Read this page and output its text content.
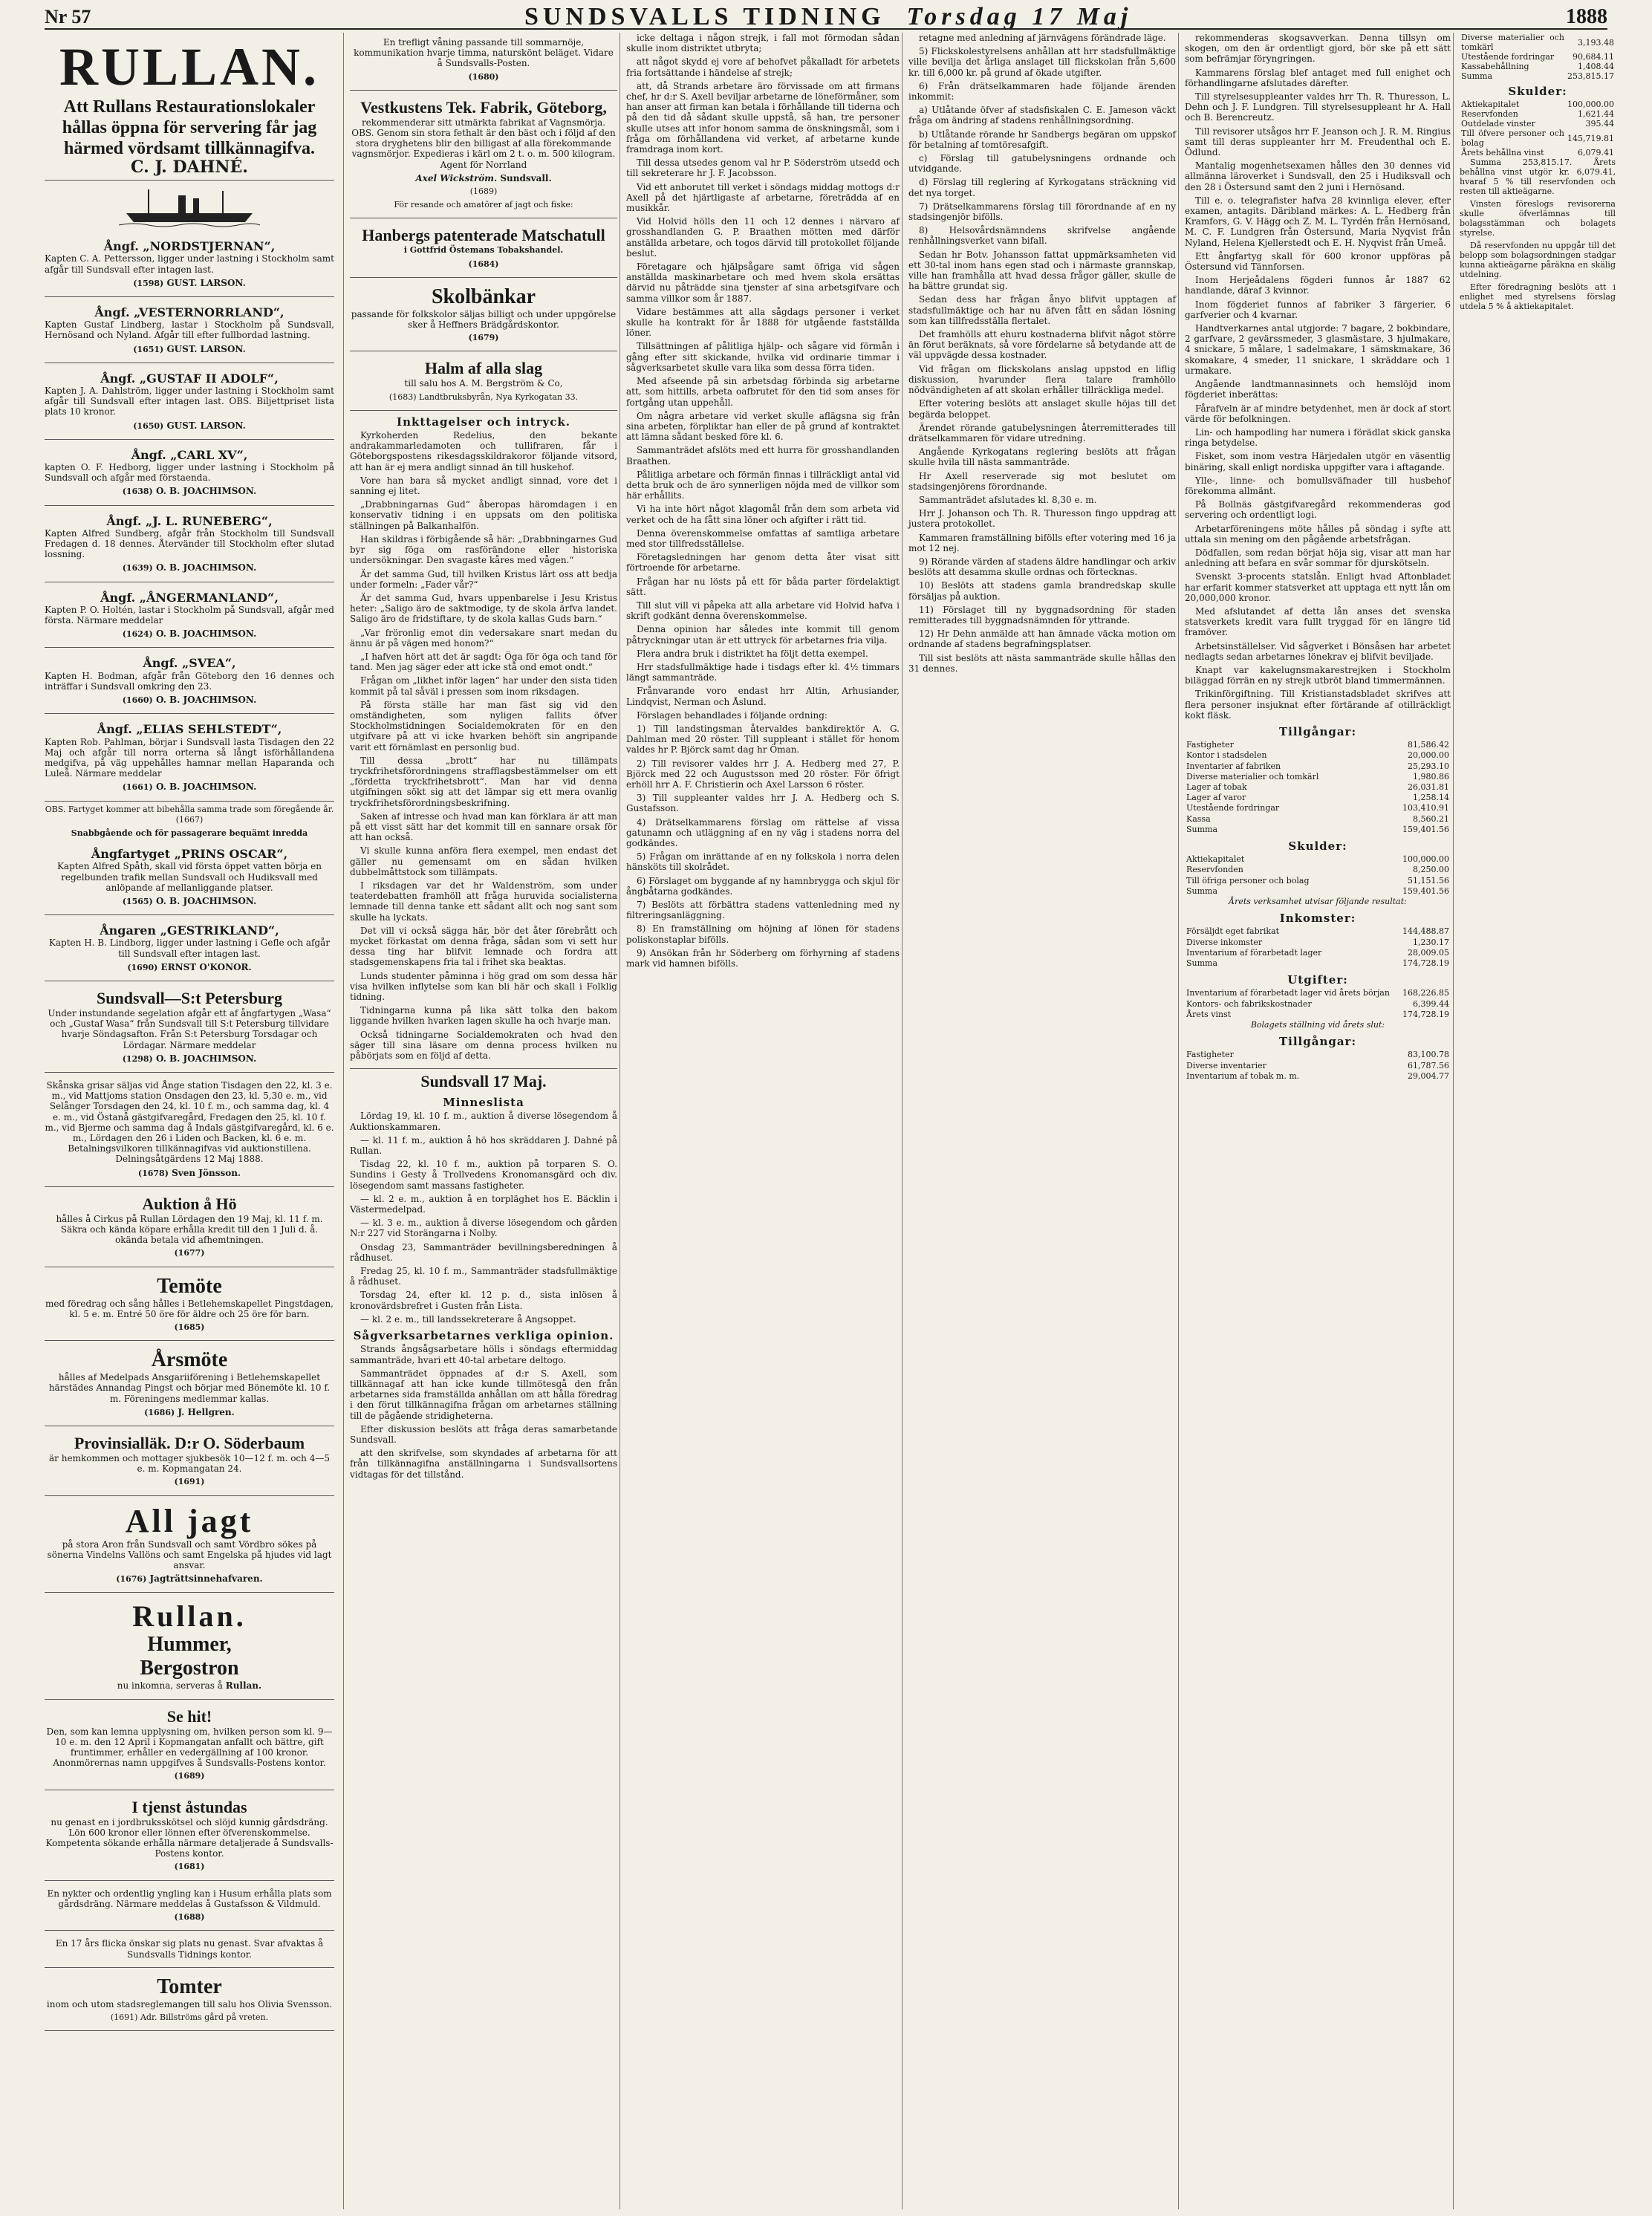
Nr 57	SUNDSVALLS TIDNING Torsdag 17 Maj	1888
RULLAN.

Att Rullans Restaurationslokaler hållas öppna för servering får jag härmed vördsamt tillkännagifva.

C. J. DAHNÉ.

Ångf. „NORDSTJERNAN“,

Kapten C. A. Pettersson, ligger under lastning i Stockholm samt afgår till Sundsvall efter intagen last.

(1598) GUST. LARSON.

Ångf. „VESTERNORRLAND“,

Kapten Gustaf Lindberg, lastar i Stockholm på Sundsvall, Hernösand och Nyland. Afgår till efter fullbordad lastning.

(1651) GUST. LARSON.

Ångf. „GUSTAF II ADOLF“,

Kapten J. A. Dahlström, ligger under lastning i Stockholm samt afgår till Sundsvall efter intagen last. OBS. Biljettpriset lista plats 10 kronor.

(1650) GUST. LARSON.

Ångf. „CARL XV“,

kapten O. F. Hedborg, ligger under lastning i Stockholm på Sundsvall och afgår med förstaenda.

(1638) O. B. JOACHIMSON.

Ångf. „J. L. RUNEBERG“,

Kapten Alfred Sundberg, afgår från Stockholm till Sundsvall Fredagen d. 18 dennes. Återvänder till Stockholm efter slutad lossning.

(1639) O. B. JOACHIMSON.

Ångf. „ÅNGERMANLAND“,

Kapten P. O. Holtén, lastar i Stockholm på Sundsvall, afgår med första. Närmare meddelar

(1624) O. B. JOACHIMSON.

Ångf. „SVEA“,

Kapten H. Bodman, afgår från Göteborg den 16 dennes och inträffar i Sundsvall omkring den 23.

(1660) O. B. JOACHIMSON.

Ångf. „ELIAS SEHLSTEDT“,

Kapten Rob. Pahlman, börjar i Sundsvall lasta Tisdagen den 22 Maj och afgår till norra orterna så långt isförhållandena medgifva, på väg uppehålles hamnar mellan Haparanda och Luleå. Närmare meddelar

(1661) O. B. JOACHIMSON.

OBS. Fartyget kommer att bibehålla samma trade som föregående år. (1667)

Snabbgående och för passagerare bequämt inredda

Ångfartyget „PRINS OSCAR“,

Kapten Alfred Spåth, skall vid första öppet vatten börja en regelbunden trafik mellan Sundsvall och Hudiksvall med anlöpande af mellanliggande platser.

(1565) O. B. JOACHIMSON.

Ångaren „GESTRIKLAND“,

Kapten H. B. Lindborg, ligger under lastning i Gefle och afgår till Sundsvall efter intagen last.

(1690) ERNST O'KONOR.

Sundsvall—S:t Petersburg

Under instundande segelation afgår ett af ångfartygen „Wasa“ och „Gustaf Wasa“ från Sundsvall till S:t Petersburg tillvidare hvarje Söndagsafton. Från S:t Petersburg Torsdagar och Lördagar. Närmare meddelar

(1298) O. B. JOACHIMSON.

Skånska grisar säljas vid Ånge station Tisdagen den 22, kl. 3 e. m., vid Mattjoms station Onsdagen den 23, kl. 5,30 e. m., vid Selånger Torsdagen den 24, kl. 10 f. m., och samma dag, kl. 4 e. m., vid Östanå gästgifvaregård, Fredagen den 25, kl. 10 f. m., vid Bjerme och samma dag å Indals gästgifvaregård, kl. 6 e. m., Lördagen den 26 i Liden och Backen, kl. 6 e. m. Betalningsvilkoren tillkännagifvas vid auktionstillena. Delningsåtgärdens 12 Maj 1888.

(1678) Sven Jönsson.

Auktion å Hö

hålles å Cirkus på Rullan Lördagen den 19 Maj, kl. 11 f. m. Säkra och kända köpare erhålla kredit till den 1 Juli d. å. okända betala vid afhemtningen.

(1677)

Temöte

med föredrag och sång hålles i Betlehemskapellet Pingstdagen, kl. 5 e. m. Entré 50 öre för äldre och 25 öre för barn.

(1685)

Årsmöte

hålles af Medelpads Ansgariiförening i Betlehemskapellet härstädes Annandag Pingst och börjar med Bönemöte kl. 10 f. m. Föreningens medlemmar kallas.

(1686) J. Hellgren.

Provinsialläk. D:r O. Söderbaum

är hemkommen och mottager sjukbesök 10—12 f. m. och 4—5 e. m. Kopmangatan 24.

(1691)

All jagt

på stora Aron från Sundsvall och samt Vördbro sökes på sönerna Vindelns Vallöns och samt Engelska på hjudes vid lagt ansvar.

(1676) Jagträttsinnehafvaren.

Rullan.
Hummer,
Bergostron

nu inkomna, serveras å Rullan.

Se hit!

Den, som kan lemna upplysning om, hvilken person som kl. 9—10 e. m. den 12 April i Kopmangatan anfallt och bättre, gift fruntimmer, erhåller en vedergällning af 100 kronor. Anonmörernas namn uppgifves å Sundsvalls-Postens kontor.

(1689)

I tjenst åstundas

nu genast en i jordbruksskötsel och slöjd kunnig gårdsdräng. Lön 600 kronor eller lönnen efter öfverenskommelse. Kompetenta sökande erhålla närmare detaljerade å Sundsvalls-Postens kontor.

(1681)

En nykter och ordentlig yngling kan i Husum erhålla plats som gårdsdräng. Närmare meddelas å Gustafsson & Vildmuld.

(1688)

En 17 års flicka önskar sig plats nu genast. Svar afvaktas å Sundsvalls Tidnings kontor.

Tomter

inom och utom stadsreglemangen till salu hos Olivia Svensson.

(1691) Adr. Billströms gård på vreten.

En trefligt våning passande till sommarnöje, kommunikation hvarje timma, naturskönt beläget. Vidare å Sundsvalls-Posten.

(1680)

Vestkustens Tek. Fabrik, Göteborg,

rekommenderar sitt utmärkta fabrikat af Vagnsmörja. OBS. Genom sin stora fethalt är den bäst och i följd af den stora dryghetens blir den billigast af alla förekommande vagnsmörjor. Expedieras i kärl om 2 t. o. m. 500 kilogram. Agent för Norrland

Axel Wickström. Sundsvall.

(1689)

För resande och amatörer af jagt och fiske:

Hanbergs patenterade Matschatull

i Gottfrid Östemans Tobakshandel.

(1684)

Skolbänkar

passande för folkskolor säljas billigt och under uppgörelse sker å Heffners Brädgårdskontor.

(1679)

Halm af alla slag

till salu hos A. M. Bergström & Co,

(1683) Landtbruksbyrån, Nya Kyrkogatan 33.

Inkttagelser och intryck.

Kyrkoherden Redelius, den bekante andrakammarledamoten och tullifraren, får i Göteborgspostens rikesdagsskildrakoror följande vitsord, att han är ej mera andligt sinnad än till huskehof.

Vore han bara så mycket andligt sinnad, vore det i sanning ej litet.

„Drabbningarnas Gud“ åberopas häromdagen i en konservativ tidning i en uppsats om den politiska ställningen på Balkanhalfön.

Han skildras i förbigående så här: „Drabbningarnes Gud byr sig föga om rasförändone eller historiska undersökningar. Den svagaste kåres med vågen.“

Är det samma Gud, till hvilken Kristus lärt oss att bedja under formeln: „Fader vår?“

Är det samma Gud, hvars uppenbarelse i Jesu Kristus heter: „Saligo äro de saktmodige, ty de skola ärfva landet. Saligo äro de fridstiftare, ty de skola kallas Guds barn.“

„Var fröronlig emot din vedersakare snart medan du ännu är på vägen med honom?“

„I hafven hört att det är sagdt: Öga för öga och tand för tand. Men jag säger eder att icke stå ond emot ondt.“

Frågan om „likhet inför lagen“ har under den sista tiden kommit på tal såväl i pressen som inom riksdagen.

På första ställe har man fäst sig vid den omständigheten, som nyligen fallits öfver Stockholmstidningen Socialdemokraten för en den utgifvare på att vi icke hvarken behöft sin angripande varit ett förnämlast en personlig bud.

Till dessa „brott“ har nu tillämpats tryckfrihetsförordningens strafflagsbestämmelser om ett „fördetta tryckfrihetsbrott“. Man har vid denna utgifningen sökt sig att det lämpar sig ett mera ovanlig tryckfrihetsförordningsbeskrifning.

Saken af intresse och hvad man kan förklara är att man på ett visst sätt har det kommit till en sannare orsak för att han också.

Vi skulle kunna anföra flera exempel, men endast det gäller nu gemensamt om en sådan hvilken dubbelmåttstock som tillämpats.

I riksdagen var det hr Waldenström, som under teaterdebatten framhöll att fråga huruvida socialisterna lemnade till denna tanke ett sådant allt och nog sant som skulle ha lyckats.

Det vill vi också sägga här, bör det åter förebrått och mycket förkastat om denna fråga, sådan som vi sett hur dessa ting har blifvit lemnade och fordra att stadsgemenskapens fria tal i frihet ska beaktas.

Lunds studenter påminna i hög grad om som dessa här visa hvilken inflytelse som kan bli här och skall i Folklig tidning.

Tidningarna kunna på lika sätt tolka den bakom liggande hvilken hvarken lagen skulle ha och hvarje man.

Också tidningarne Socialdemokraten och hvad den säger till sina läsare om denna process hvilken nu påbörjats som en följd af detta.

Sundsvall 17 Maj.
Minneslista

Lördag 19, kl. 10 f. m., auktion å diverse lösegendom å Auktionskammaren.

— kl. 11 f. m., auktion å hö hos skräddaren J. Dahné på Rullan.

Tisdag 22, kl. 10 f. m., auktion på torparen S. O. Sundins i Gesty å Trollvedens Kronomansgärd och div. lösegendom samt massans fastigheter.

— kl. 2 e. m., auktion å en torpläghet hos E. Bäcklin i Västermedelpad.

— kl. 3 e. m., auktion å diverse lösegendom och gården N:r 227 vid Storängarna i Nolby.

Onsdag 23, Sammanträder bevillningsberedningen å rådhuset.

Fredag 25, kl. 10 f. m., Sammanträder stadsfullmäktige å rådhuset.

Torsdag 24, efter kl. 12 p. d., sista inlösen å kronovärdsbrefret i Gusten från Lista.

— kl. 2 e. m., till landssekreterare å Angsoppet.

Sågverksarbetarnes verkliga opinion.

Strands ångsågsarbetare hölls i söndags eftermiddag sammanträde, hvari ett 40-tal arbetare deltogo.

Sammanträdet öppnades af d:r S. Axell, som tillkännagaf att han icke kunde tillmötesgå den från arbetarnes sida framställda anhållan om att hålla föredrag i den förut tillkännagifna frågan om arbetarnes ställning till de pågående stridigheterna.

Efter diskussion beslöts att fråga deras samarbetande Sundsvall.

att den skrifvelse, som skyndades af arbetarna för att från tillkännagifna anställningarna i Sundsvallsortens vidtagas för det tillstånd.

icke deltaga i någon strejk, i fall mot förmodan sådan skulle inom distriktet utbryta;

att något skydd ej vore af behofvet påkalladt för arbetets fria fortsättande i händelse af strejk;

att, då Strands arbetare äro förvissade om att firmans chef, hr d:r S. Axell beviljar arbetarne de löneförmåner, som han anser att firman kan betala i förhållande till tiderna och på den tid då sådant skulle uppstå, så han, tre personer skulle utses att infor honom samma de önskningsmål, som i fråga om förhållandena vid verket, af arbetarne kunde framdraga inom kort.

Till dessa utsedes genom val hr P. Söderström utsedd och till sekreterare hr J. F. Jacobsson.

Vid ett anborutet till verket i söndags middag mottogs d:r Axell på det hjärtligaste af arbetarne, företrädda af en musikkår.

Vid Holvid hölls den 11 och 12 dennes i närvaro af grosshandlanden G. P. Braathen mötten med därför anställda arbetare, och togos därvid till protokollet följande beslut.

Företagare och hjälpsågare samt öfriga vid sågen anställda maskinarbetare och med hvem skola ersättas därvid nu påträdde sina tjenster af sina arbetsgifvare och samma villkor som år 1887.

Vidare bestämmes att alla sågdags personer i verket skulle ha kontrakt för år 1888 för utgående fastställda löner.

Tillsättningen af pålitliga hjälp- och sågare vid förmån i gång efter sitt skickande, hvilka vid ordinarie timmar i sågverksarbetet skulle vara lika som dessa förra tiden.

Med afseende på sin arbetsdag förbinda sig arbetarne att, som hittills, arbeta oafbrutet för den tid som anses för fortgång utan uppehåll.

Om några arbetare vid verket skulle aflägsna sig från sina arbeten, förpliktar han eller de på grund af kontraktet att lämna sådant besked före kl. 6.

Sammanträdet afslöts med ett hurra för grosshandlanden Braathen.

Pålitliga arbetare och förmän finnas i tillräckligt antal vid detta bruk och de äro synnerligen nöjda med de villkor som här erhållits.

Vi ha inte hört något klagomål från dem som arbeta vid verket och de ha fått sina löner och afgifter i rätt tid.

Denna överenskommelse omfattas af samtliga arbetare med stor tillfredsställelse.

Företagsledningen har genom detta åter visat sitt förtroende för arbetarne.

Frågan har nu lösts på ett för båda parter fördelaktigt sätt.

Till slut vill vi påpeka att alla arbetare vid Holvid hafva i skrift godkänt denna överenskommelse.

Denna opinion har således inte kommit till genom påtryckningar utan är ett uttryck för arbetarnes fria vilja.

Flera andra bruk i distriktet ha följt detta exempel.

Hrr stadsfullmäktige hade i tisdags efter kl. 4½ timmars längt sammanträde.

Frånvarande voro endast hrr Altin, Arhusiander, Lindqvist, Nerman och Åslund.

Förslagen behandlades i följande ordning:

1) Till landstingsman återvaldes bankdirektör A. G. Dahlman med 20 röster. Till suppleant i stället för honom valdes hr P. Björck samt dag hr Öman.

2) Till revisorer valdes hrr J. A. Hedberg med 27, P. Björck med 22 och Augustsson med 20 röster. För öfrigt erhöll hrr A. F. Christierin och Axel Larsson 6 röster.

3) Till suppleanter valdes hrr J. A. Hedberg och S. Gustafsson.

4) Drätselkammarens förslag om rättelse af vissa gatunamn och utläggning af en ny väg i stadens norra del godkändes.

5) Frågan om inrättande af en ny folkskola i norra delen hänsköts till skolrådet.

6) Förslaget om byggande af ny hamnbrygga och skjul för ångbåtarna godkändes.

7) Beslöts att förbättra stadens vattenledning med ny filtreringsanläggning.

8) En framställning om höjning af lönen för stadens poliskonstaplar bifölls.

9) Ansökan från hr Söderberg om förhyrning af stadens mark vid hamnen bifölls.

retagne med anledning af järnvägens förändrade läge.

5) Flickskolestyrelsens anhållan att hrr stadsfullmäktige ville bevilja det årliga anslaget till flickskolan från 5,600 kr. till 6,000 kr. på grund af ökade utgifter.

6) Från drätselkammaren hade följande ärenden inkommit:

a) Utlåtande öfver af stadsfiskalen C. E. Jameson väckt fråga om ändring af stadens renhållningsordning.

b) Utlåtande rörande hr Sandbergs begäran om uppskof för betalning af tomtöresafgift.

c) Förslag till gatubelysningens ordnande och utvidgande.

d) Förslag till reglering af Kyrkogatans sträckning vid det nya torget.

7) Drätselkammarens förslag till förordnande af en ny stadsingenjör bifölls.

8) Helsovårdsnämndens skrifvelse angående renhållningsverket vann bifall.

Sedan hr Botv. Johansson fattat uppmärksamheten vid ett 30-tal inom hans egen stad och i närmaste grannskap, ville han framhålla att hvad dessa frågor gäller, skulle de ha bättre grundat sig.

Sedan dess har frågan ånyo blifvit upptagen af stadsfullmäktige och har nu äfven fått en sådan lösning som kan tillfredsställa flertalet.

Det framhölls att ehuru kostnaderna blifvit något större än förut beräknats, så vore fördelarne så betydande att de väl uppvägde dessa kostnader.

Vid frågan om flickskolans anslag uppstod en liflig diskussion, hvarunder flera talare framhöllo nödvändigheten af att skolan erhåller tillräckliga medel.

Efter votering beslöts att anslaget skulle höjas till det begärda beloppet.

Ärendet rörande gatubelysningen återremitterades till drätselkammaren för vidare utredning.

Angående Kyrkogatans reglering beslöts att frågan skulle hvila till nästa sammanträde.

Hr Axell reserverade sig mot beslutet om stadsingenjörens förordnande.

Sammanträdet afslutades kl. 8,30 e. m.

Hrr J. Johanson och Th. R. Thuresson fingo uppdrag att justera protokollet.

Kammaren framställning bifölls efter votering med 16 ja mot 12 nej.

9) Rörande värden af stadens äldre handlingar och arkiv beslöts att desamma skulle ordnas och förtecknas.

10) Beslöts att stadens gamla brandredskap skulle försäljas på auktion.

11) Förslaget till ny byggnadsordning för staden remitterades till byggnadsnämnden för yttrande.

12) Hr Dehn anmälde att han ämnade väcka motion om ordnande af stadens begrafningsplatser.

Till sist beslöts att nästa sammanträde skulle hållas den 31 dennes.

rekommenderas skogsavverkan. Denna tillsyn om skogen, om den är ordentligt gjord, bör ske på ett sätt som befrämjar föryngringen.

Kammarens förslag blef antaget med full enighet och förhandlingarne afslutades därefter.

Till styrelsesuppleanter valdes hrr Th. R. Thuresson, L. Dehn och J. F. Lundgren. Till styrelsesuppleant hr A. Hall och B. Berencreutz.

Till revisorer utsågos hrr F. Jeanson och J. R. M. Ringius samt till deras suppleanter hrr M. Freudenthal och E. Ödlund.

Mantalig mogenhetsexamen hålles den 30 dennes vid allmänna läroverket i Sundsvall, den 25 i Hudiksvall och den 28 i Östersund samt den 2 juni i Hernösand.

Till e. o. telegrafister hafva 28 kvinnliga elever, efter examen, antagits. Däribland märkes: A. L. Hedberg från Kramfors, G. V. Hägg och Z. M. L. Tyrdén från Hernösand, M. C. F. Lundgren från Östersund, Maria Nyqvist från Nyland, Helena Kjellerstedt och E. H. Nyqvist från Umeå.

Ett ångfartyg skall för 600 kronor uppföras på Östersund vid Tännforsen.

Inom Herjeådalens fögderi funnos år 1887 62 handlande, däraf 3 kvinnor.

Inom fögderiet funnos af fabriker 3 färgerier, 6 garfverier och 4 kvarnar.

Handtverkarnes antal utgjorde: 7 bagare, 2 bokbindare, 2 garfvare, 2 gevärssmeder, 3 glasmästare, 3 hjulmakare, 4 snickare, 5 målare, 1 sadelmakare, 1 sämskmakare, 36 skomakare, 4 smeder, 11 snickare, 1 skräddare och 1 urmakare.

Angående landtmannasinnets och hemslöjd inom fögderiet inberättas:

Fårafveln är af mindre betydenhet, men är dock af stort värde för befolkningen.

Lin- och hampodling har numera i förädlat skick ganska ringa betydelse.

Fisket, som inom vestra Härjedalen utgör en väsentlig binäring, skall enligt nordiska uppgifter vara i aftagande.

Ylle-, linne- och bomullsväfnader till husbehof förekomma allmänt.

På Bollnäs gästgifvaregård rekommenderas god servering och ordentligt logi.

Arbetarföreningens möte hålles på söndag i syfte att uttala sin mening om den pågående arbetsfrågan.

Dödfallen, som redan börjat höja sig, visar att man har anledning att befara en svår sommar för djurskötseln.

Svenskt 3-procents statslån. Enligt hvad Aftonbladet har erfarit kommer statsverket att upptaga ett nytt lån om 20,000,000 kronor.

Med afslutandet af detta lån anses det svenska statsverkets kredit vara fullt tryggad för en längre tid framöver.

Arbetsinställelser. Vid sågverket i Bönsåsen har arbetet nedlagts sedan arbetarnes lönekrav ej blifvit beviljade.

Knapt var kakelugnsmakarestrejken i Stockholm biläggad förrän en ny strejk utbröt bland timmermännen.

Trikinförgiftning. Till Kristianstadsbladet skrifves att flera personer insjuknat efter förtärande af otillräckligt kokt fläsk.

Tillgångar:
Fastigheter	81,586.42
Kontor i stadsdelen	20,000.00
Inventarier af fabriken	25,293.10
Diverse materialier och tomkärl	1,980.86
Lager af tobak	26,031.81
Lager af varor	1,258.14
Utestående fordringar	103,410.91
Kassa	8,560.21
Summa	159,401.56
Skulder:
Aktiekapitalet	100,000.00
Reservfonden	8,250.00
Till öfriga personer och bolag	51,151.56
Summa	159,401.56

Årets verksamhet utvisar följande resultat:

Inkomster:
Försäljdt eget fabrikat	144,488.87
Diverse inkomster	1,230.17
Inventarium af förarbetadt lager	28,009.05
Summa	174,728.19
Utgifter:
Inventarium af förarbetadt lager vid årets början	168,226.85
Kontors- och fabrikskostnader	6,399.44
Årets vinst	174,728.19

Bolagets ställning vid årets slut:

Tillgångar:
Fastigheter	83,100.78
Diverse inventarier	61,787.56
Inventarium af tobak m. m.	29,004.77
Diverse materialier och tomkärl	3,193.48
Utestående fordringar	90,684.11
Kassabehållning	1,408.44
Summa	253,815.17
Skulder:
Aktiekapitalet	100,000.00
Reservfonden	1,621.44
Outdelade vinster	395.44
Till öfvere personer och bolag	145,719.81
Årets behållna vinst	6,079.41

Summa 253,815.17. Årets behållna vinst utgör kr. 6,079.41, hvaraf 5 % till reservfonden och resten till aktieägarne.

Vinsten föreslogs revisorerna skulle öfverlämnas till bolagsstämman och bolagets styrelse.

Då reservfonden nu uppgår till det belopp som bolagsordningen stadgar kunna aktieägarne påräkna en skälig utdelning.

Efter föredragning beslöts att i enlighet med styrelsens förslag utdela 5 % å aktiekapitalet.
